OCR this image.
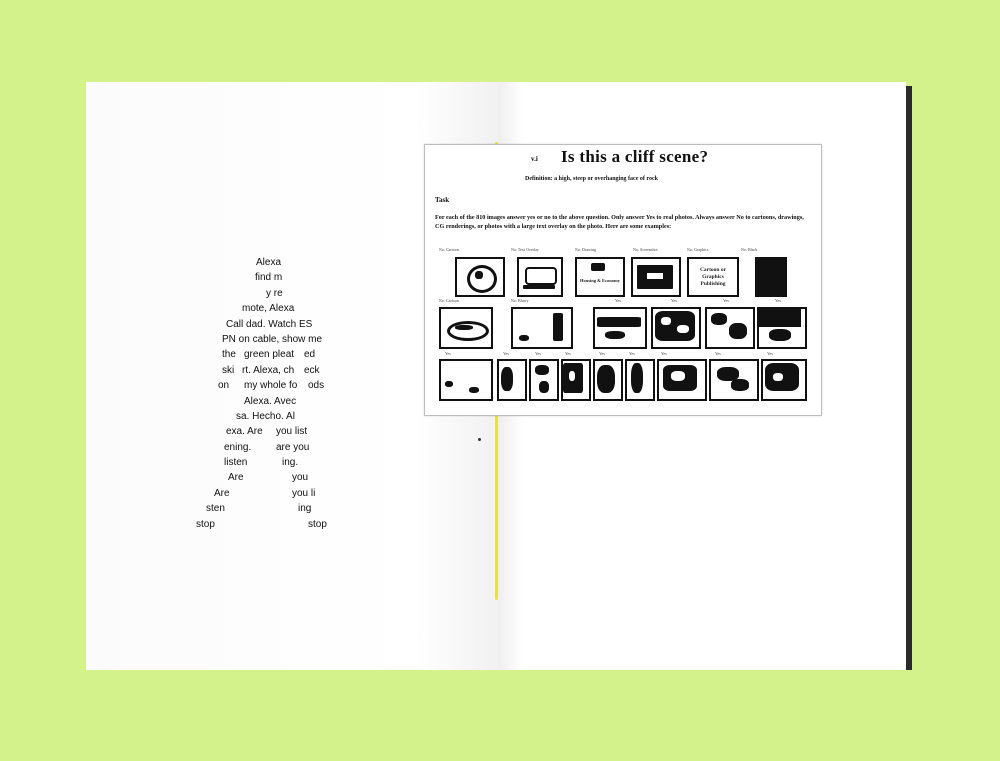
Alexa
find m
y re
mote, Alexa
Call dad. Watch ES
PN on cable, show me
the green pleat ed
ski rt. Alexa, ch eck
on my whole fo ods
Alexa. Avec
sa. Hecho. Al
exa. Are you list
ening. are you
listen	ing.
Are	you
Are	you li
sten	ing
stop	stop
v.i Is this a cliff scene?
Definition: a high, steep or overhanging face of rock
Task
For each of the 810 images answer yes or no to the above question. Only answer Yes to real photos. Always answer No to cartoons, drawings, CG renderings, or photos with a large text overlay on the photo. Here are some examples:
No: Cartoon	No: Text Overlay	No: Drawing	No: Screenshot	No: Graphics	No: Black
Housing & Economy
Cartoon or Graphics Publishing
No: Cartoon	No: Blurry	Yes	Yes	Yes	Yes
Yes	Yes	Yes	Yes	Yes	Yes	Yes	Yes	Yes
